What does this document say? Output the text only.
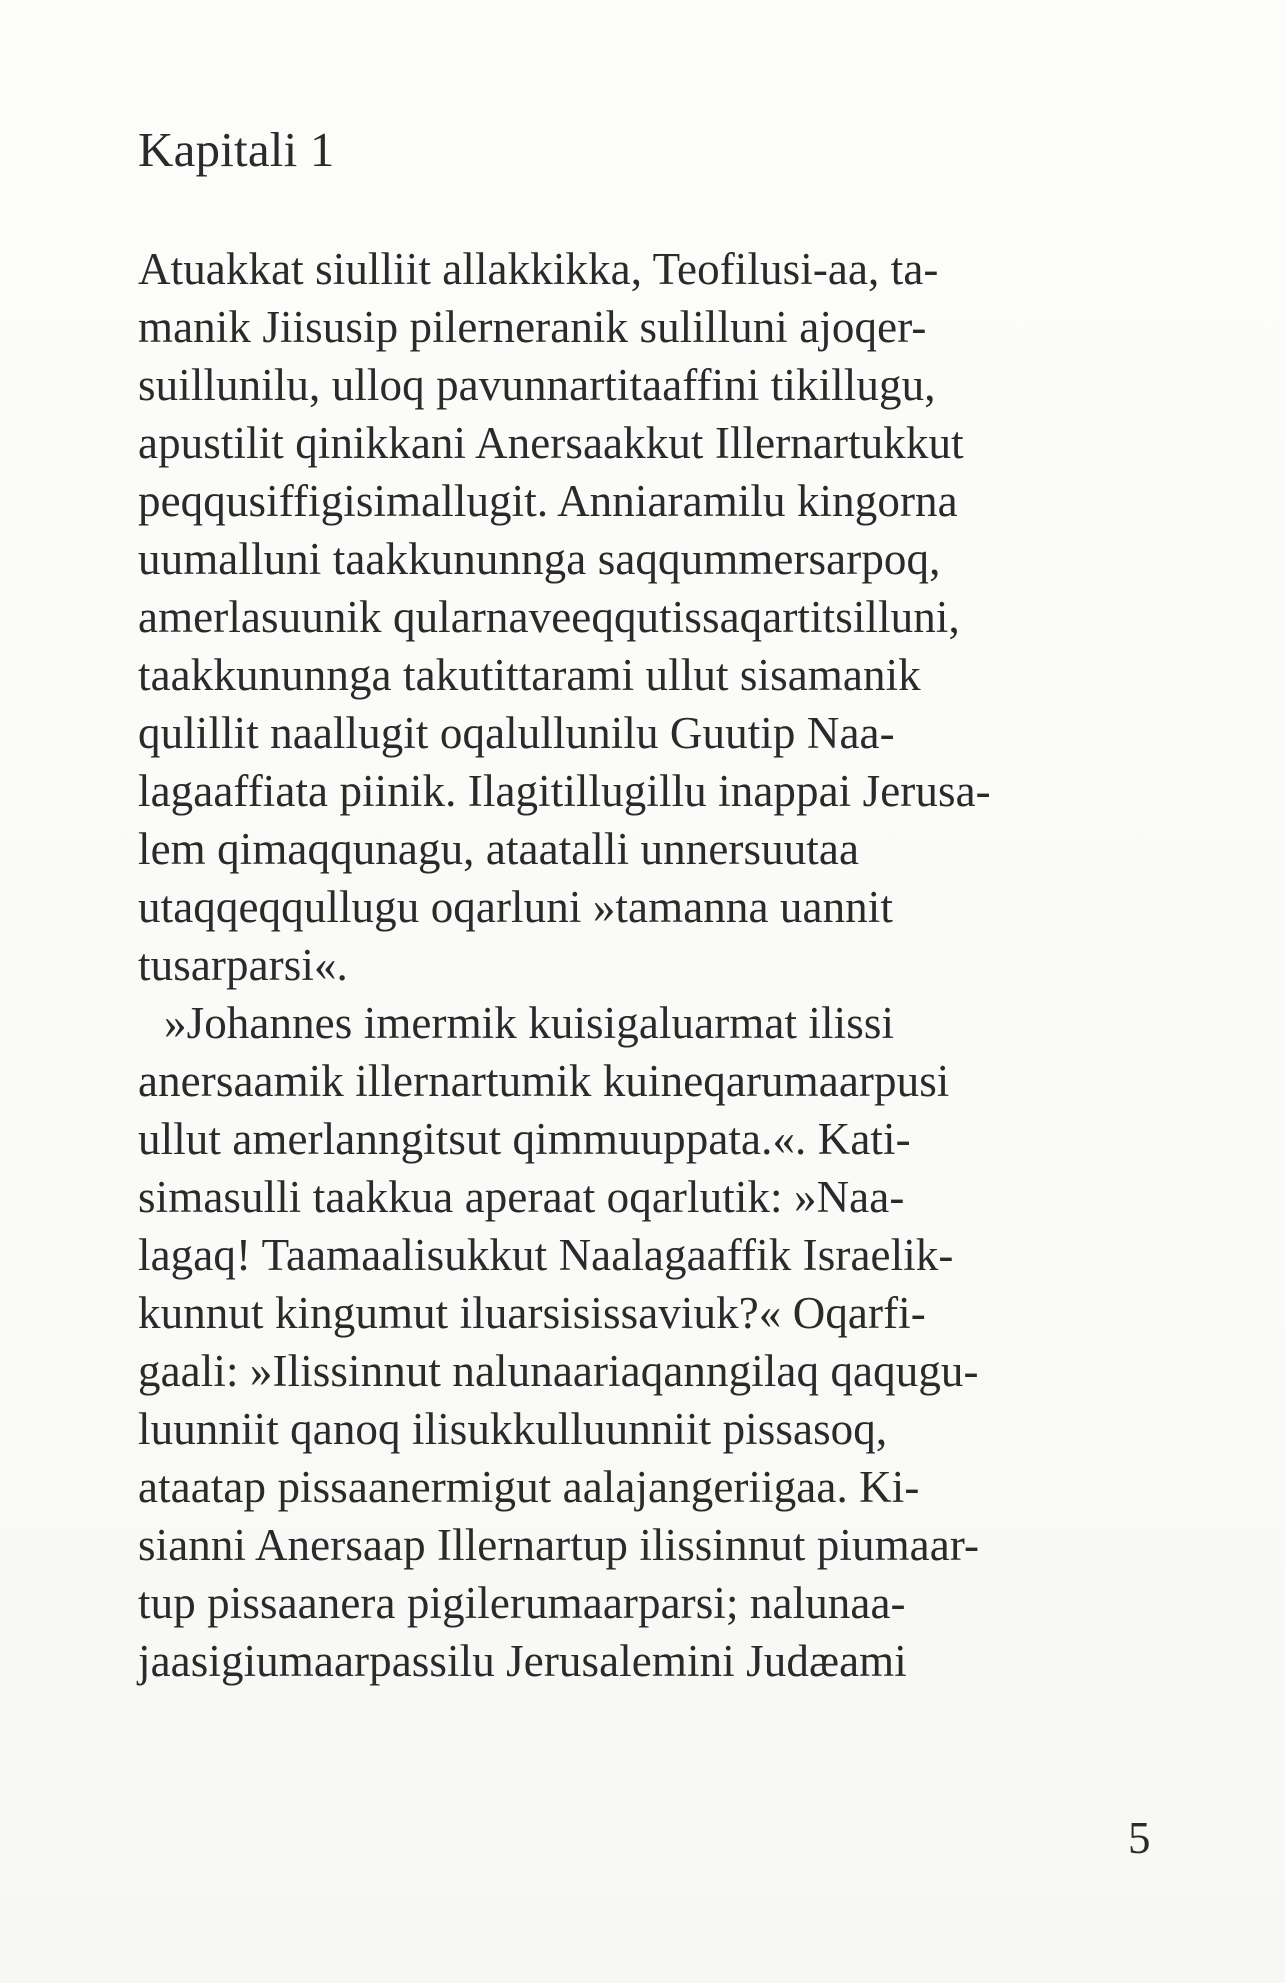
Kapitali 1
Atuakkat siulliit allakkikka, Teofilusi-aa, ta-
manik Jiisusip pilerneranik sulilluni ajoqer-
suillunilu, ulloq pavunnartitaaffini tikillugu,
apustilit qinikkani Anersaakkut Illernartukkut
peqqusiffigisimallugit. Anniaramilu kingorna
uumalluni taakkununnga saqqummersarpoq,
amerlasuunik qularnaveeqqutissaqartitsilluni,
taakkununnga takutittarami ullut sisamanik
qulillit naallugit oqalullunilu Guutip Naa-
lagaaffiata piinik. Ilagitillugillu inappai Jerusa-
lem qimaqqunagu, ataatalli unnersuutaa
utaqqeqqullugu oqarluni »tamanna uannit
tusarparsi«.
»Johannes imermik kuisigaluarmat ilissi
anersaamik illernartumik kuineqarumaarpusi
ullut amerlanngitsut qimmuuppata.«. Kati-
simasulli taakkua aperaat oqarlutik: »Naa-
lagaq! Taamaalisukkut Naalagaaffik Israelik-
kunnut kingumut iluarsisissaviuk?« Oqarfi-
gaali: »Ilissinnut nalunaariaqanngilaq qaqugu-
luunniit qanoq ilisukkulluunniit pissasoq,
ataatap pissaanermigut aalajangeriigaa. Ki-
sianni Anersaap Illernartup ilissinnut piumaar-
tup pissaanera pigilerumaarparsi; nalunaa-
jaasigiumaarpassilu Jerusalemini Judæami
5
